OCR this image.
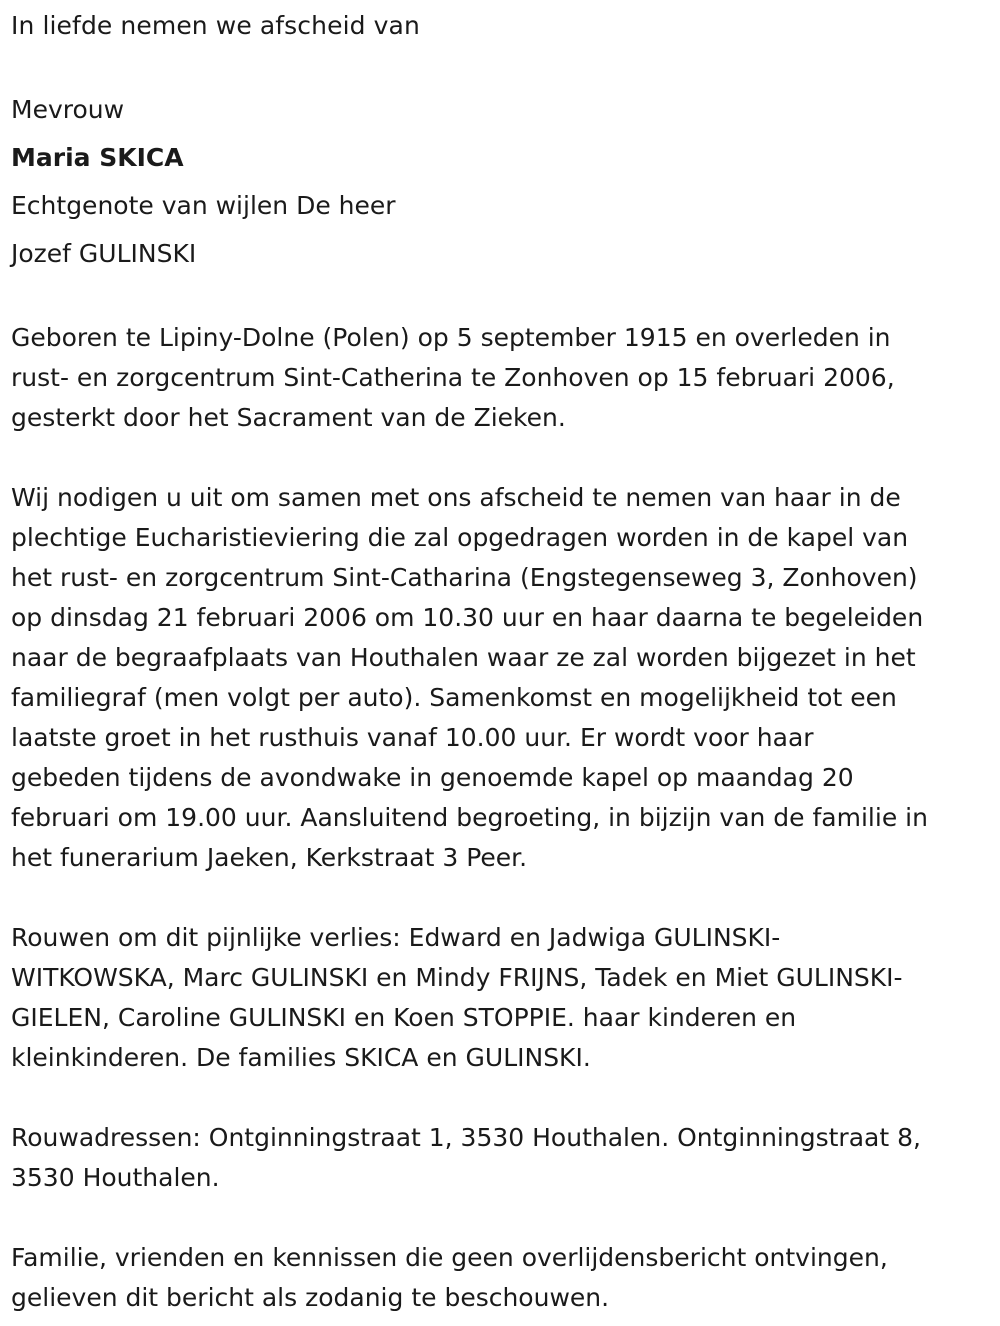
In liefde nemen we afscheid van

Mevrouw

Maria SKICA

Echtgenote van wijlen De heer

Jozef GULINSKI

Geboren te Lipiny-Dolne (Polen) op 5 september 1915 en overleden in
rust- en zorgcentrum Sint-Catherina te Zonhoven op 15 februari 2006,
gesterkt door het Sacrament van de Zieken.
Wij nodigen u uit om samen met ons afscheid te nemen van haar in de
plechtige Eucharistieviering die zal opgedragen worden in de kapel van
het rust- en zorgcentrum Sint-Catharina (Engstegenseweg 3, Zonhoven)
op dinsdag 21 februari 2006 om 10.30 uur en haar daarna te begeleiden
naar de begraafplaats van Houthalen waar ze zal worden bijgezet in het
familiegraf (men volgt per auto). Samenkomst en mogelijkheid tot een
laatste groet in het rusthuis vanaf 10.00 uur. Er wordt voor haar
gebeden tijdens de avondwake in genoemde kapel op maandag 20
februari om 19.00 uur. Aansluitend begroeting, in bijzijn van de familie in
het funerarium Jaeken, Kerkstraat 3 Peer.
Rouwen om dit pijnlijke verlies: Edward en Jadwiga GULINSKI-
WITKOWSKA, Marc GULINSKI en Mindy FRIJNS, Tadek en Miet GULINSKI-
GIELEN, Caroline GULINSKI en Koen STOPPIE. haar kinderen en
kleinkinderen. De families SKICA en GULINSKI.
Rouwadressen: Ontginningstraat 1, 3530 Houthalen. Ontginningstraat 8,
3530 Houthalen.
Familie, vrienden en kennissen die geen overlijdensbericht ontvingen,
gelieven dit bericht als zodanig te beschouwen.
